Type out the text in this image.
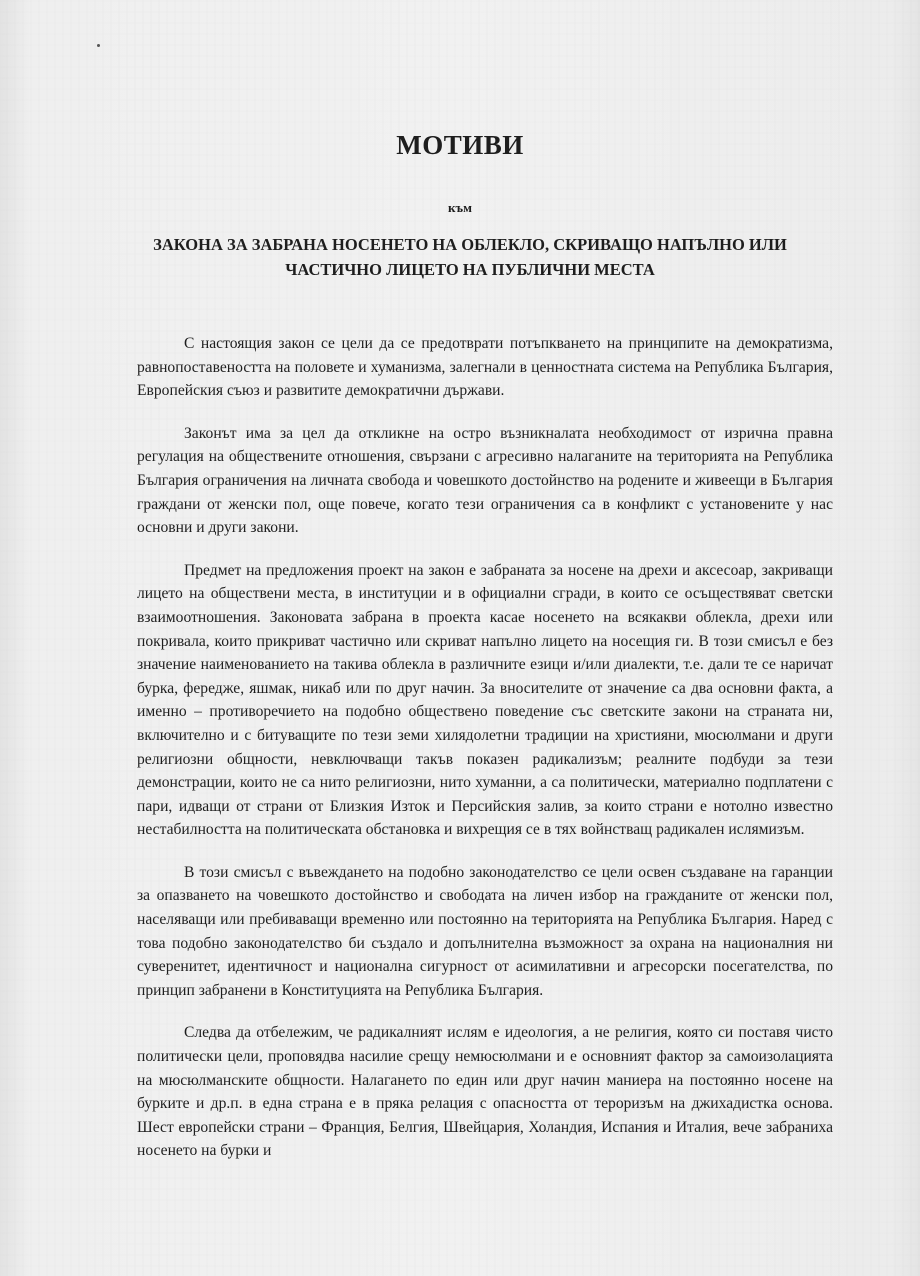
МОТИВИ
към
ЗАКОНА ЗА ЗАБРАНА НОСЕНЕТО НА ОБЛЕКЛО, СКРИВАЩО НАПЪЛНО ИЛИ
ЧАСТИЧНО ЛИЦЕТО НА ПУБЛИЧНИ МЕСТА

С настоящия закон се цели да се предотврати потъпкването на принципите на демократизма, равнопоставеността на половете и хуманизма, залегнали в ценностната система на Република България, Европейския съюз и развитите демократични държави.

Законът има за цел да откликне на остро възникналата необходимост от изрична правна регулация на обществените отношения, свързани с агресивно налаганите на територията на Република България ограничения на личната свобода и човешкото достойнство на родените и живеещи в България граждани от женски пол, още повече, когато тези ограничения са в конфликт с установените у нас основни и други закони.

Предмет на предложения проект на закон е забраната за носене на дрехи и аксесоар, закриващи лицето на обществени места, в институции и в официални сгради, в които се осъществяват светски взаимоотношения. Законовата забрана в проекта касае носенето на всякакви облекла, дрехи или покривала, които прикриват частично или скриват напълно лицето на носещия ги. В този смисъл е без значение наименованието на такива облекла в различните езици и/или диалекти, т.е. дали те се наричат бурка, фередже, яшмак, никаб или по друг начин. За вносителите от значение са два основни факта, а именно – противоречието на подобно обществено поведение със светските закони на страната ни, включително и с битуващите по тези земи хилядолетни традиции на християни, мюсюлмани и други религиозни общности, невключващи такъв показен радикализъм; реалните подбуди за тези демонстрации, които не са нито религиозни, нито хуманни, а са политически, материално подплатени с пари, идващи от страни от Близкия Изток и Персийския залив, за които страни е нотолно известно нестабилността на политическата обстановка и вихрещия се в тях войнстващ радикален ислямизъм.

В този смисъл с въвеждането на подобно законодателство се цели освен създаване на гаранции за опазването на човешкото достойнство и свободата на личен избор на гражданите от женски пол, населяващи или пребиваващи временно или постоянно на територията на Република България. Наред с това подобно законодателство би създало и допълнителна възможност за охрана на националния ни суверенитет, идентичност и национална сигурност от асимилативни и агресорски посегателства, по принцип забранени в Конституцията на Република България.

Следва да отбележим, че радикалният ислям е идеология, а не религия, която си поставя чисто политически цели, проповядва насилие срещу немюсюлмани и е основният фактор за самоизолацията на мюсюлманските общности. Налагането по един или друг начин маниера на постоянно носене на бурките и др.п. в една страна е в пряка релация с опасността от тероризъм на джихадистка основа. Шест европейски страни – Франция, Белгия, Швейцария, Холандия, Испания и Италия, вече забраниха носенето на бурки и
